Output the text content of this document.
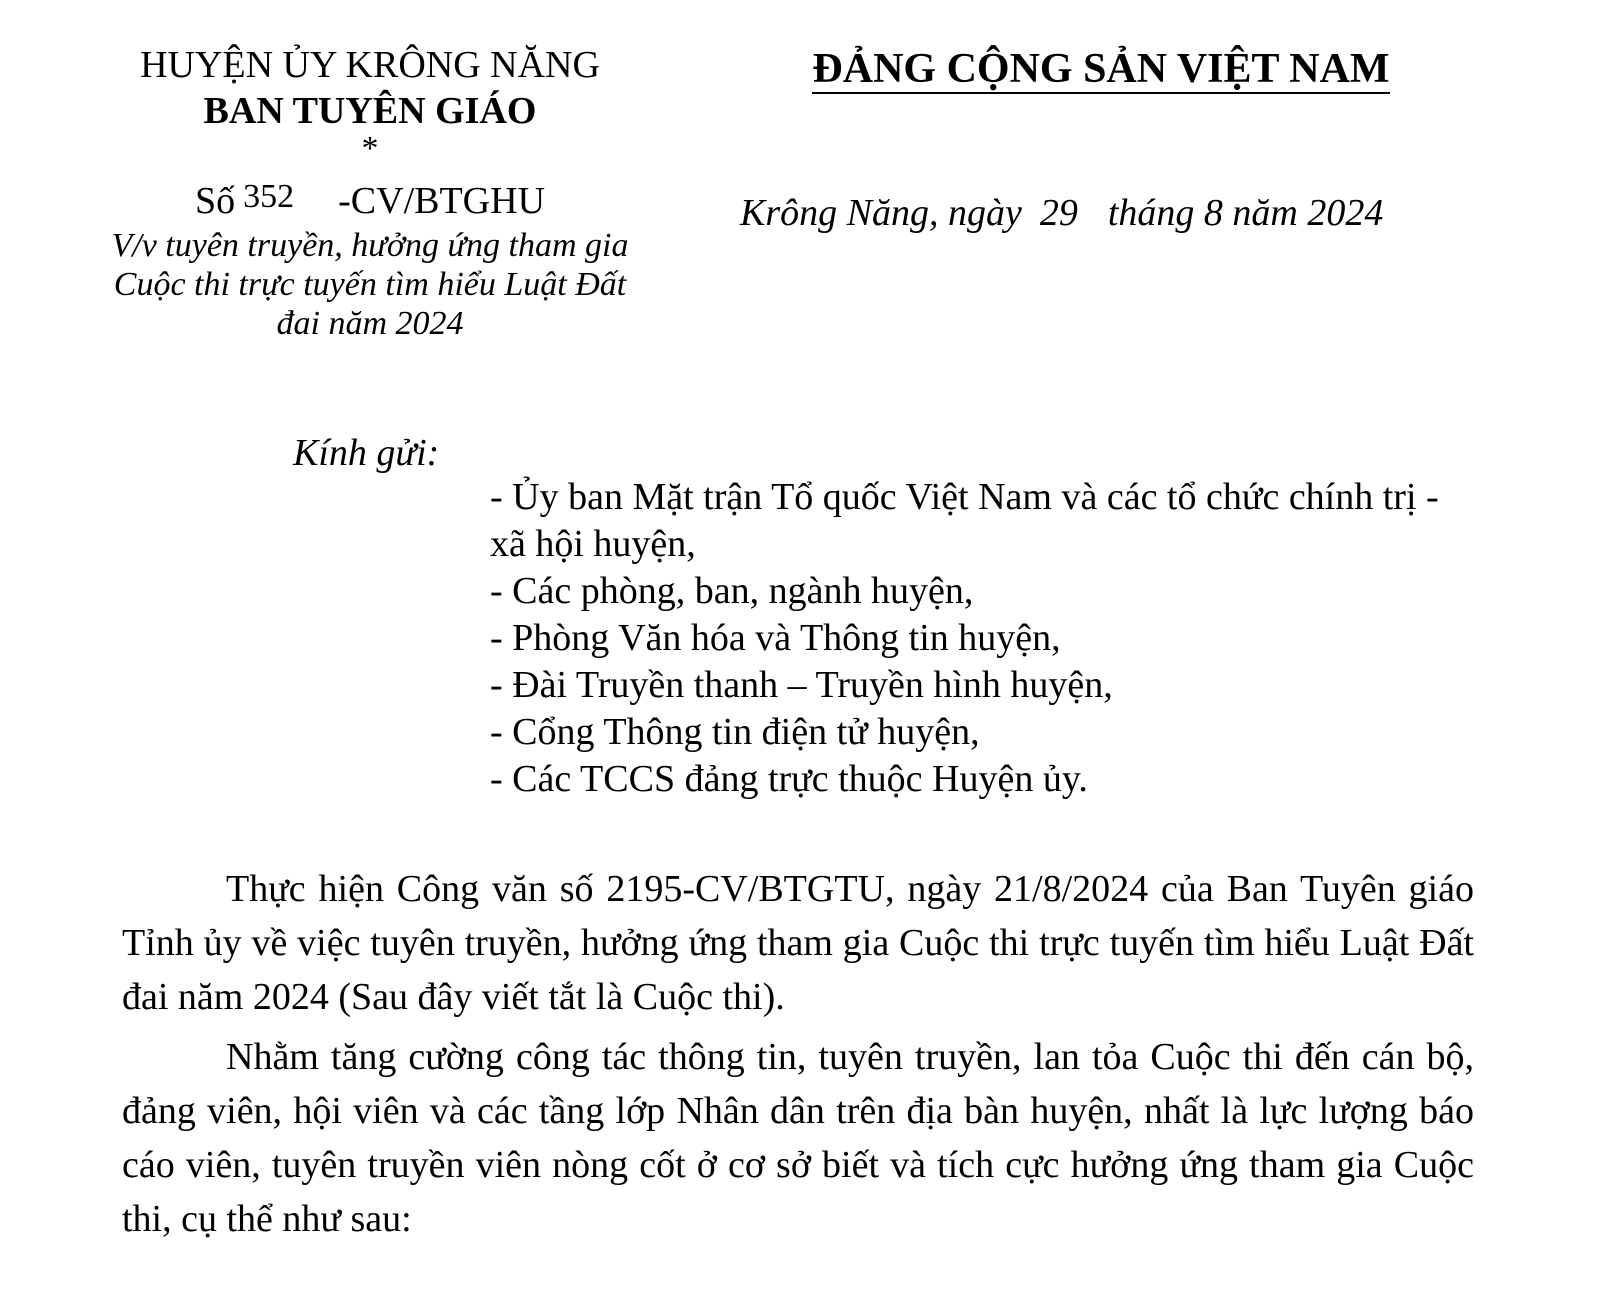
HUYỆN ỦY KRÔNG NĂNG
BAN TUYÊN GIÁO
*
Số 352 -CV/BTGHU
V/v tuyên truyền, hưởng ứng tham gia
Cuộc thi trực tuyến tìm hiểu Luật Đất
đai năm 2024
ĐẢNG CỘNG SẢN VIỆT NAM
Krông Năng, ngày 29 tháng 8 năm 2024
Kính gửi:
- Ủy ban Mặt trận Tổ quốc Việt Nam và các tổ chức chính trị - xã hội huyện,
- Các phòng, ban, ngành huyện,
- Phòng Văn hóa và Thông tin huyện,
- Đài Truyền thanh – Truyền hình huyện,
- Cổng Thông tin điện tử huyện,
- Các TCCS đảng trực thuộc Huyện ủy.
Thực hiện Công văn số 2195-CV/BTGTU, ngày 21/8/2024 của Ban Tuyên giáo Tỉnh ủy về việc tuyên truyền, hưởng ứng tham gia Cuộc thi trực tuyến tìm hiểu Luật Đất đai năm 2024 (Sau đây viết tắt là Cuộc thi).
Nhằm tăng cường công tác thông tin, tuyên truyền, lan tỏa Cuộc thi đến cán bộ, đảng viên, hội viên và các tầng lớp Nhân dân trên địa bàn huyện, nhất là lực lượng báo cáo viên, tuyên truyền viên nòng cốt ở cơ sở biết và tích cực hưởng ứng tham gia Cuộc thi, cụ thể như sau:
